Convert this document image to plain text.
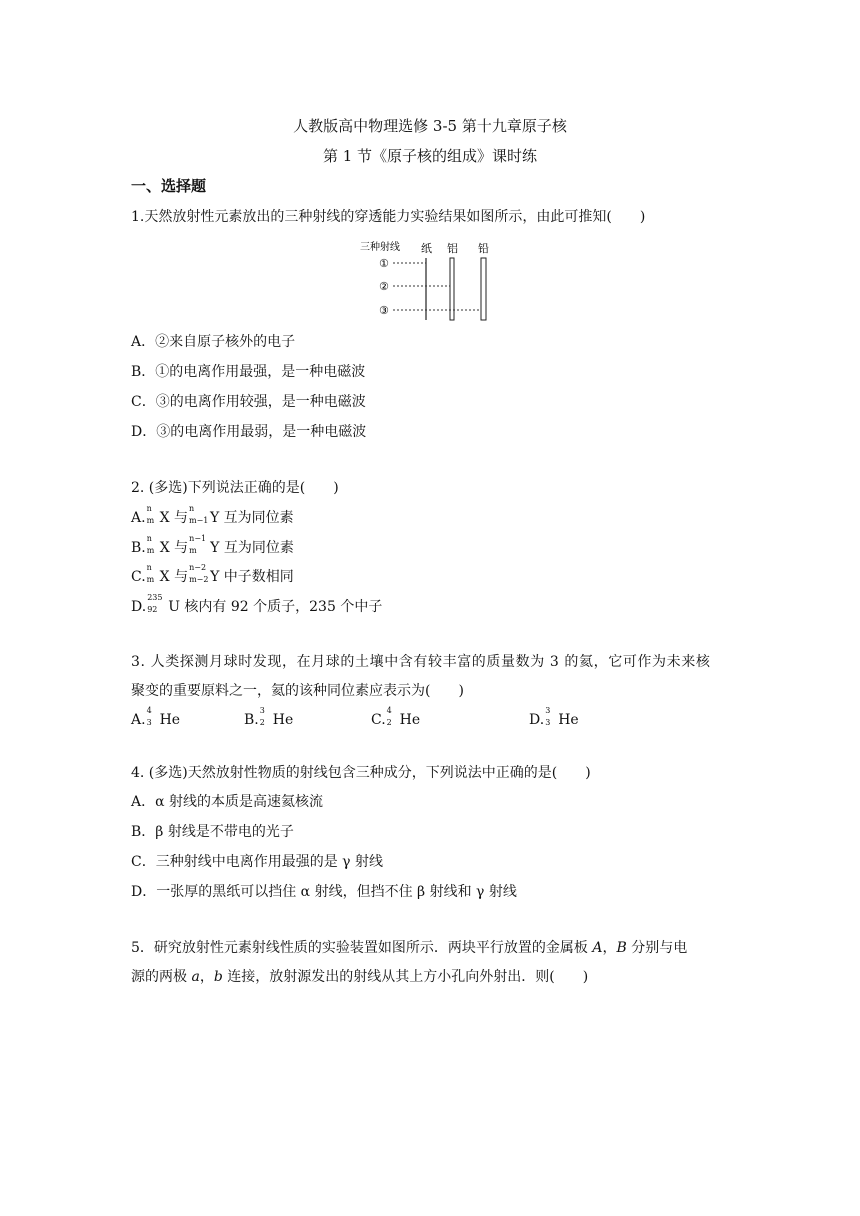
人教版高中物理选修 3-5 第十九章原子核
第 1 节《原子核的组成》课时练
一、选择题
1.天然放射性元素放出的三种射线的穿透能力实验结果如图所示，由此可推知(　　)
三种射线 纸 铝 铅
①
②
③
A．②来自原子核外的电子
B．①的电离作用最强，是一种电磁波
C．③的电离作用较强，是一种电磁波
D．③的电离作用最弱，是一种电磁波
2. (多选)下列说法正确的是(　　)
A.
n
m X 与
n
m−1 Y 互为同位素
B.
n
m X 与
n−1
m Y 互为同位素
C.
n
m X 与
n−2
m−2 Y 中子数相同
D.
235
92 U 核内有 92 个质子，235 个中子
3. 人类探测月球时发现，在月球的土壤中含有较丰富的质量数为 3 的氦，它可作为未来核
聚变的重要原料之一，氦的该种同位素应表示为(　　)
A.
4
3 He	B.
3
2 He	C.
4
2 He	D.
3
3 He
4. (多选)天然放射性物质的射线包含三种成分，下列说法中正确的是(　　)
A．α 射线的本质是高速氦核流
B．β 射线是不带电的光子
C．三种射线中电离作用最强的是 γ 射线
D．一张厚的黑纸可以挡住 α 射线，但挡不住 β 射线和 γ 射线
5．研究放射性元素射线性质的实验装置如图所示．两块平行放置的金属板 A，B 分别与电
源的两极 a，b 连接，放射源发出的射线从其上方小孔向外射出．则(　　)
